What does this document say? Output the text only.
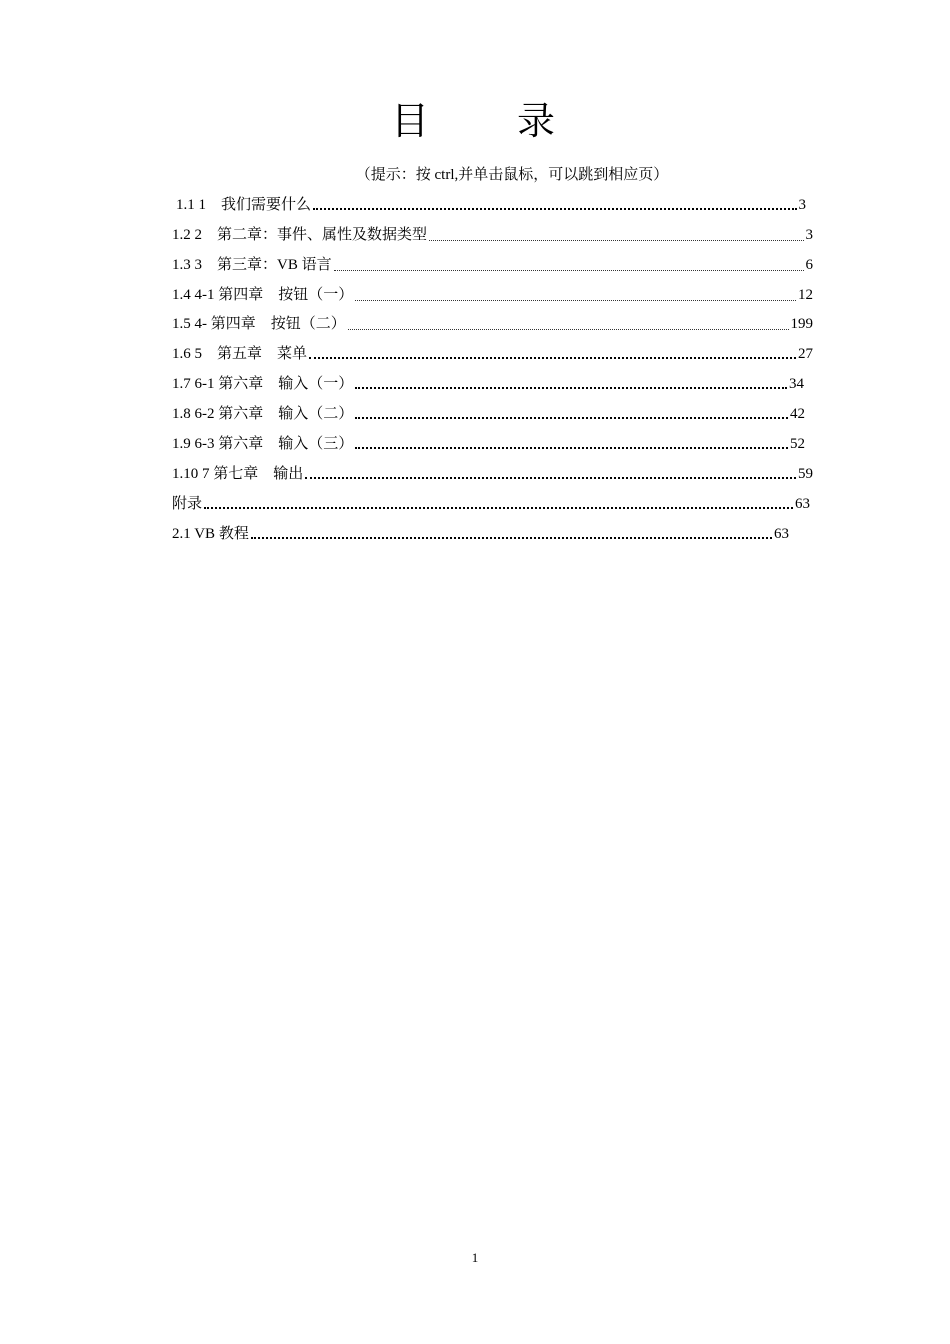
目 录
（提示：按 ctrl,并单击鼠标，可以跳到相应页）
1.1 1　我们需要什么	3
1.2 2　第二章：事件、属性及数据类型	3
1.3 3　第三章：VB 语言	6
1.4 4-1 第四章　按钮（一）	12
1.5 4- 第四章　按钮（二）	199
1.6 5　第五章　菜单	27
1.7 6-1 第六章　输入（一）	34
1.8 6-2 第六章　输入（二）	42
1.9 6-3 第六章　输入（三）	52
1.10 7 第七章　输出	59
附录	63
2.1 VB 教程	63
1
